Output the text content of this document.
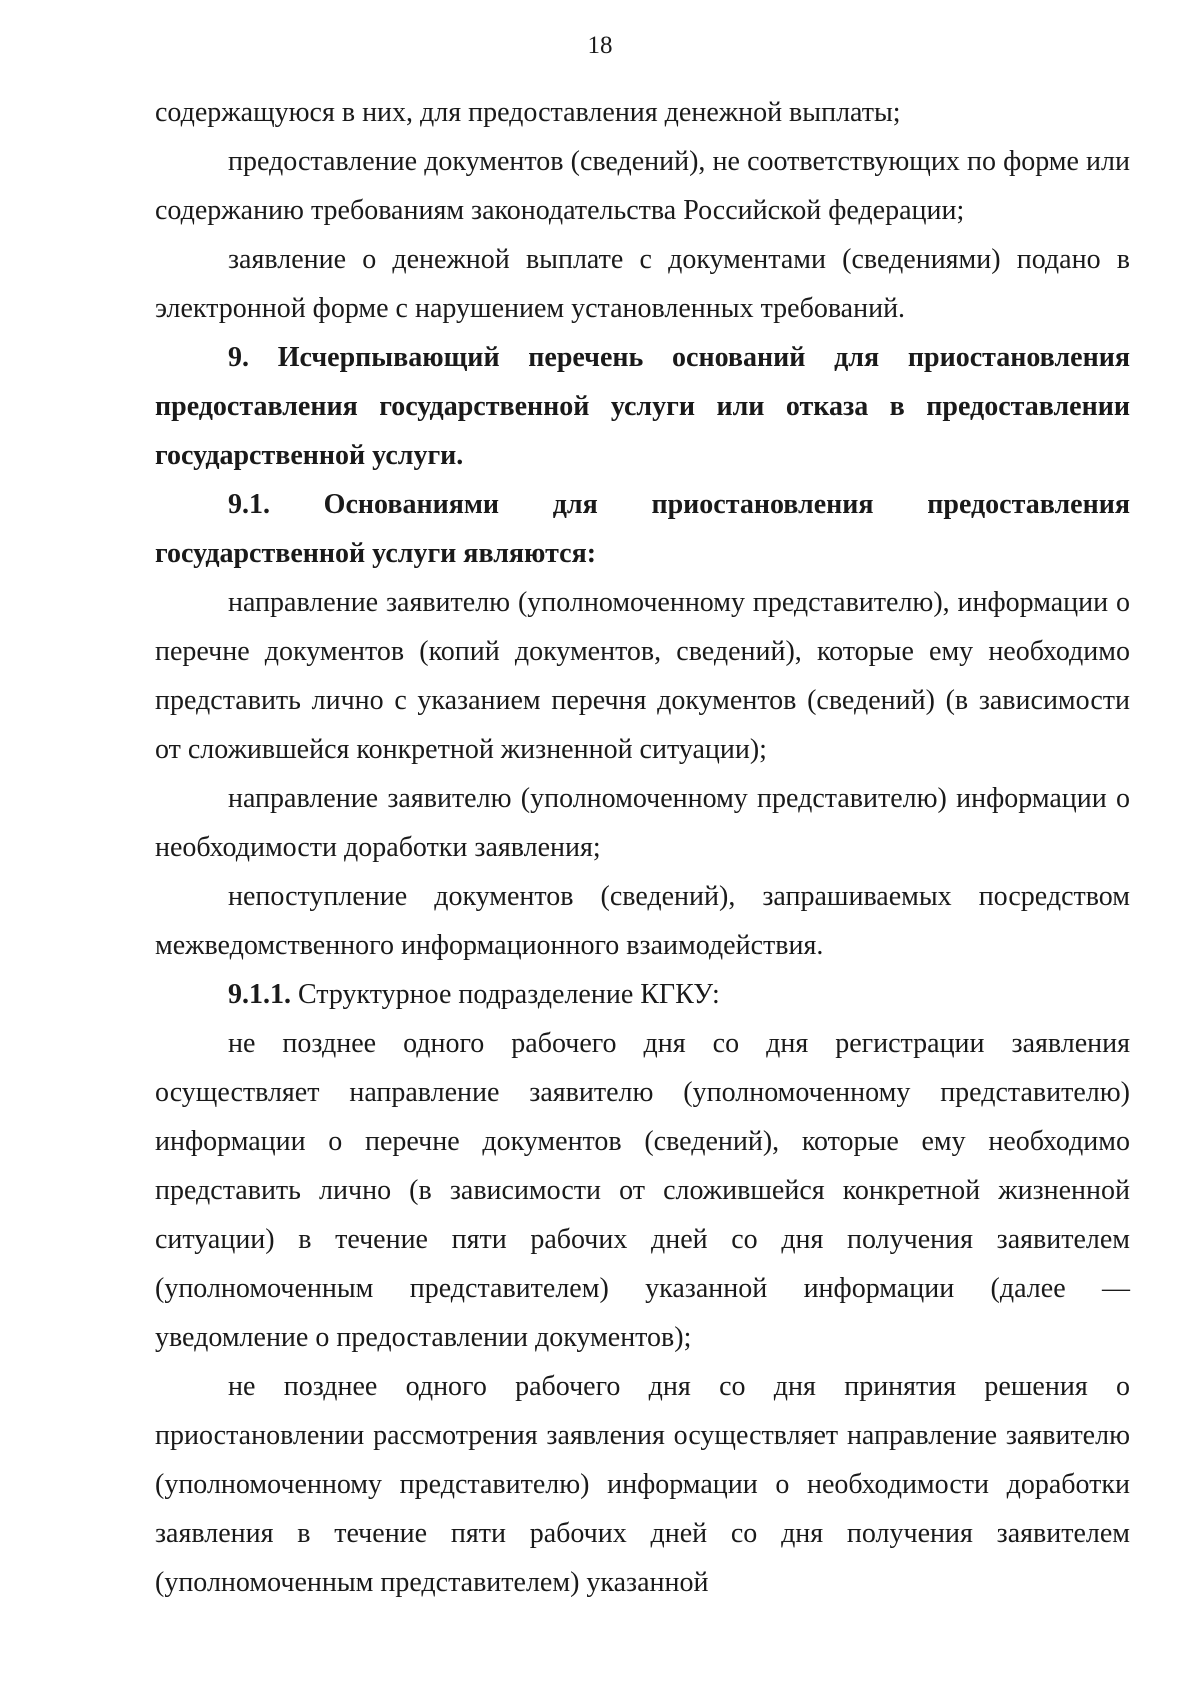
18

содержащуюся в них, для предоставления денежной выплаты;

предоставление документов (сведений), не соответствующих по форме или содержанию требованиям законодательства Российской федерации;

заявление о денежной выплате с документами (сведениями) подано в электронной форме с нарушением установленных требований.

9. Исчерпывающий перечень оснований для приостановления предоставления государственной услуги или отказа в предоставлении государственной услуги.

9.1. Основаниями для приостановления предоставления государственной услуги являются:

направление заявителю (уполномоченному представителю), информации о перечне документов (копий документов, сведений), которые ему необходимо представить лично с указанием перечня документов (сведений) (в зависимости от сложившейся конкретной жизненной ситуации);

направление заявителю (уполномоченному представителю) информации о необходимости доработки заявления;

непоступление документов (сведений), запрашиваемых посредством межведомственного информационного взаимодействия.

9.1.1. Структурное подразделение КГКУ:

не позднее одного рабочего дня со дня регистрации заявления осуществляет направление заявителю (уполномоченному представителю) информации о перечне документов (сведений), которые ему необходимо представить лично (в зависимости от сложившейся конкретной жизненной ситуации) в течение пяти рабочих дней со дня получения заявителем (уполномоченным представителем) указанной информации (далее — уведомление о предоставлении документов);

не позднее одного рабочего дня со дня принятия решения о приостановлении рассмотрения заявления осуществляет направление заявителю (уполномоченному представителю) информации о необходимости доработки заявления в течение пяти рабочих дней со дня получения заявителем (уполномоченным представителем) указанной
